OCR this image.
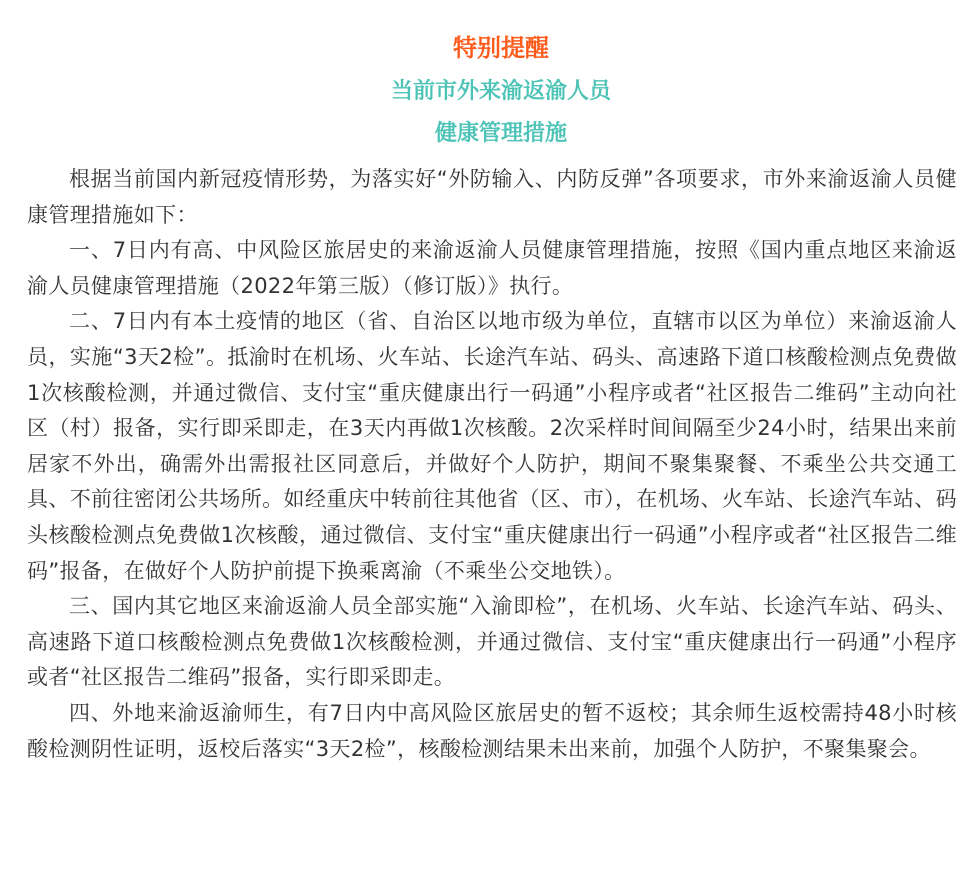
特别提醒
当前市外来渝返渝人员
健康管理措施

根据当前国内新冠疫情形势，为落实好“外防输入、内防反弹”各项要求，市外来渝返渝人员健康管理措施如下：

一、7日内有高、中风险区旅居史的来渝返渝人员健康管理措施，按照《国内重点地区来渝返渝人员健康管理措施（2022年第三版）（修订版）》执行。

二、7日内有本土疫情的地区（省、自治区以地市级为单位，直辖市以区为单位）来渝返渝人员，实施“3天2检”。抵渝时在机场、火车站、长途汽车站、码头、高速路下道口核酸检测点免费做1次核酸检测，并通过微信、支付宝“重庆健康出行一码通”小程序或者“社区报告二维码”主动向社区（村）报备，实行即采即走，在3天内再做1次核酸。2次采样时间间隔至少24小时，结果出来前居家不外出，确需外出需报社区同意后，并做好个人防护，期间不聚集聚餐、不乘坐公共交通工具、不前往密闭公共场所。如经重庆中转前往其他省（区、市），在机场、火车站、长途汽车站、码头核酸检测点免费做1次核酸，通过微信、支付宝“重庆健康出行一码通”小程序或者“社区报告二维码”报备，在做好个人防护前提下换乘离渝（不乘坐公交地铁）。

三、国内其它地区来渝返渝人员全部实施“入渝即检”，在机场、火车站、长途汽车站、码头、高速路下道口核酸检测点免费做1次核酸检测，并通过微信、支付宝“重庆健康出行一码通”小程序或者“社区报告二维码”报备，实行即采即走。

四、外地来渝返渝师生，有7日内中高风险区旅居史的暂不返校；其余师生返校需持48小时核酸检测阴性证明，返校后落实“3天2检”，核酸检测结果未出来前，加强个人防护，不聚集聚会。
